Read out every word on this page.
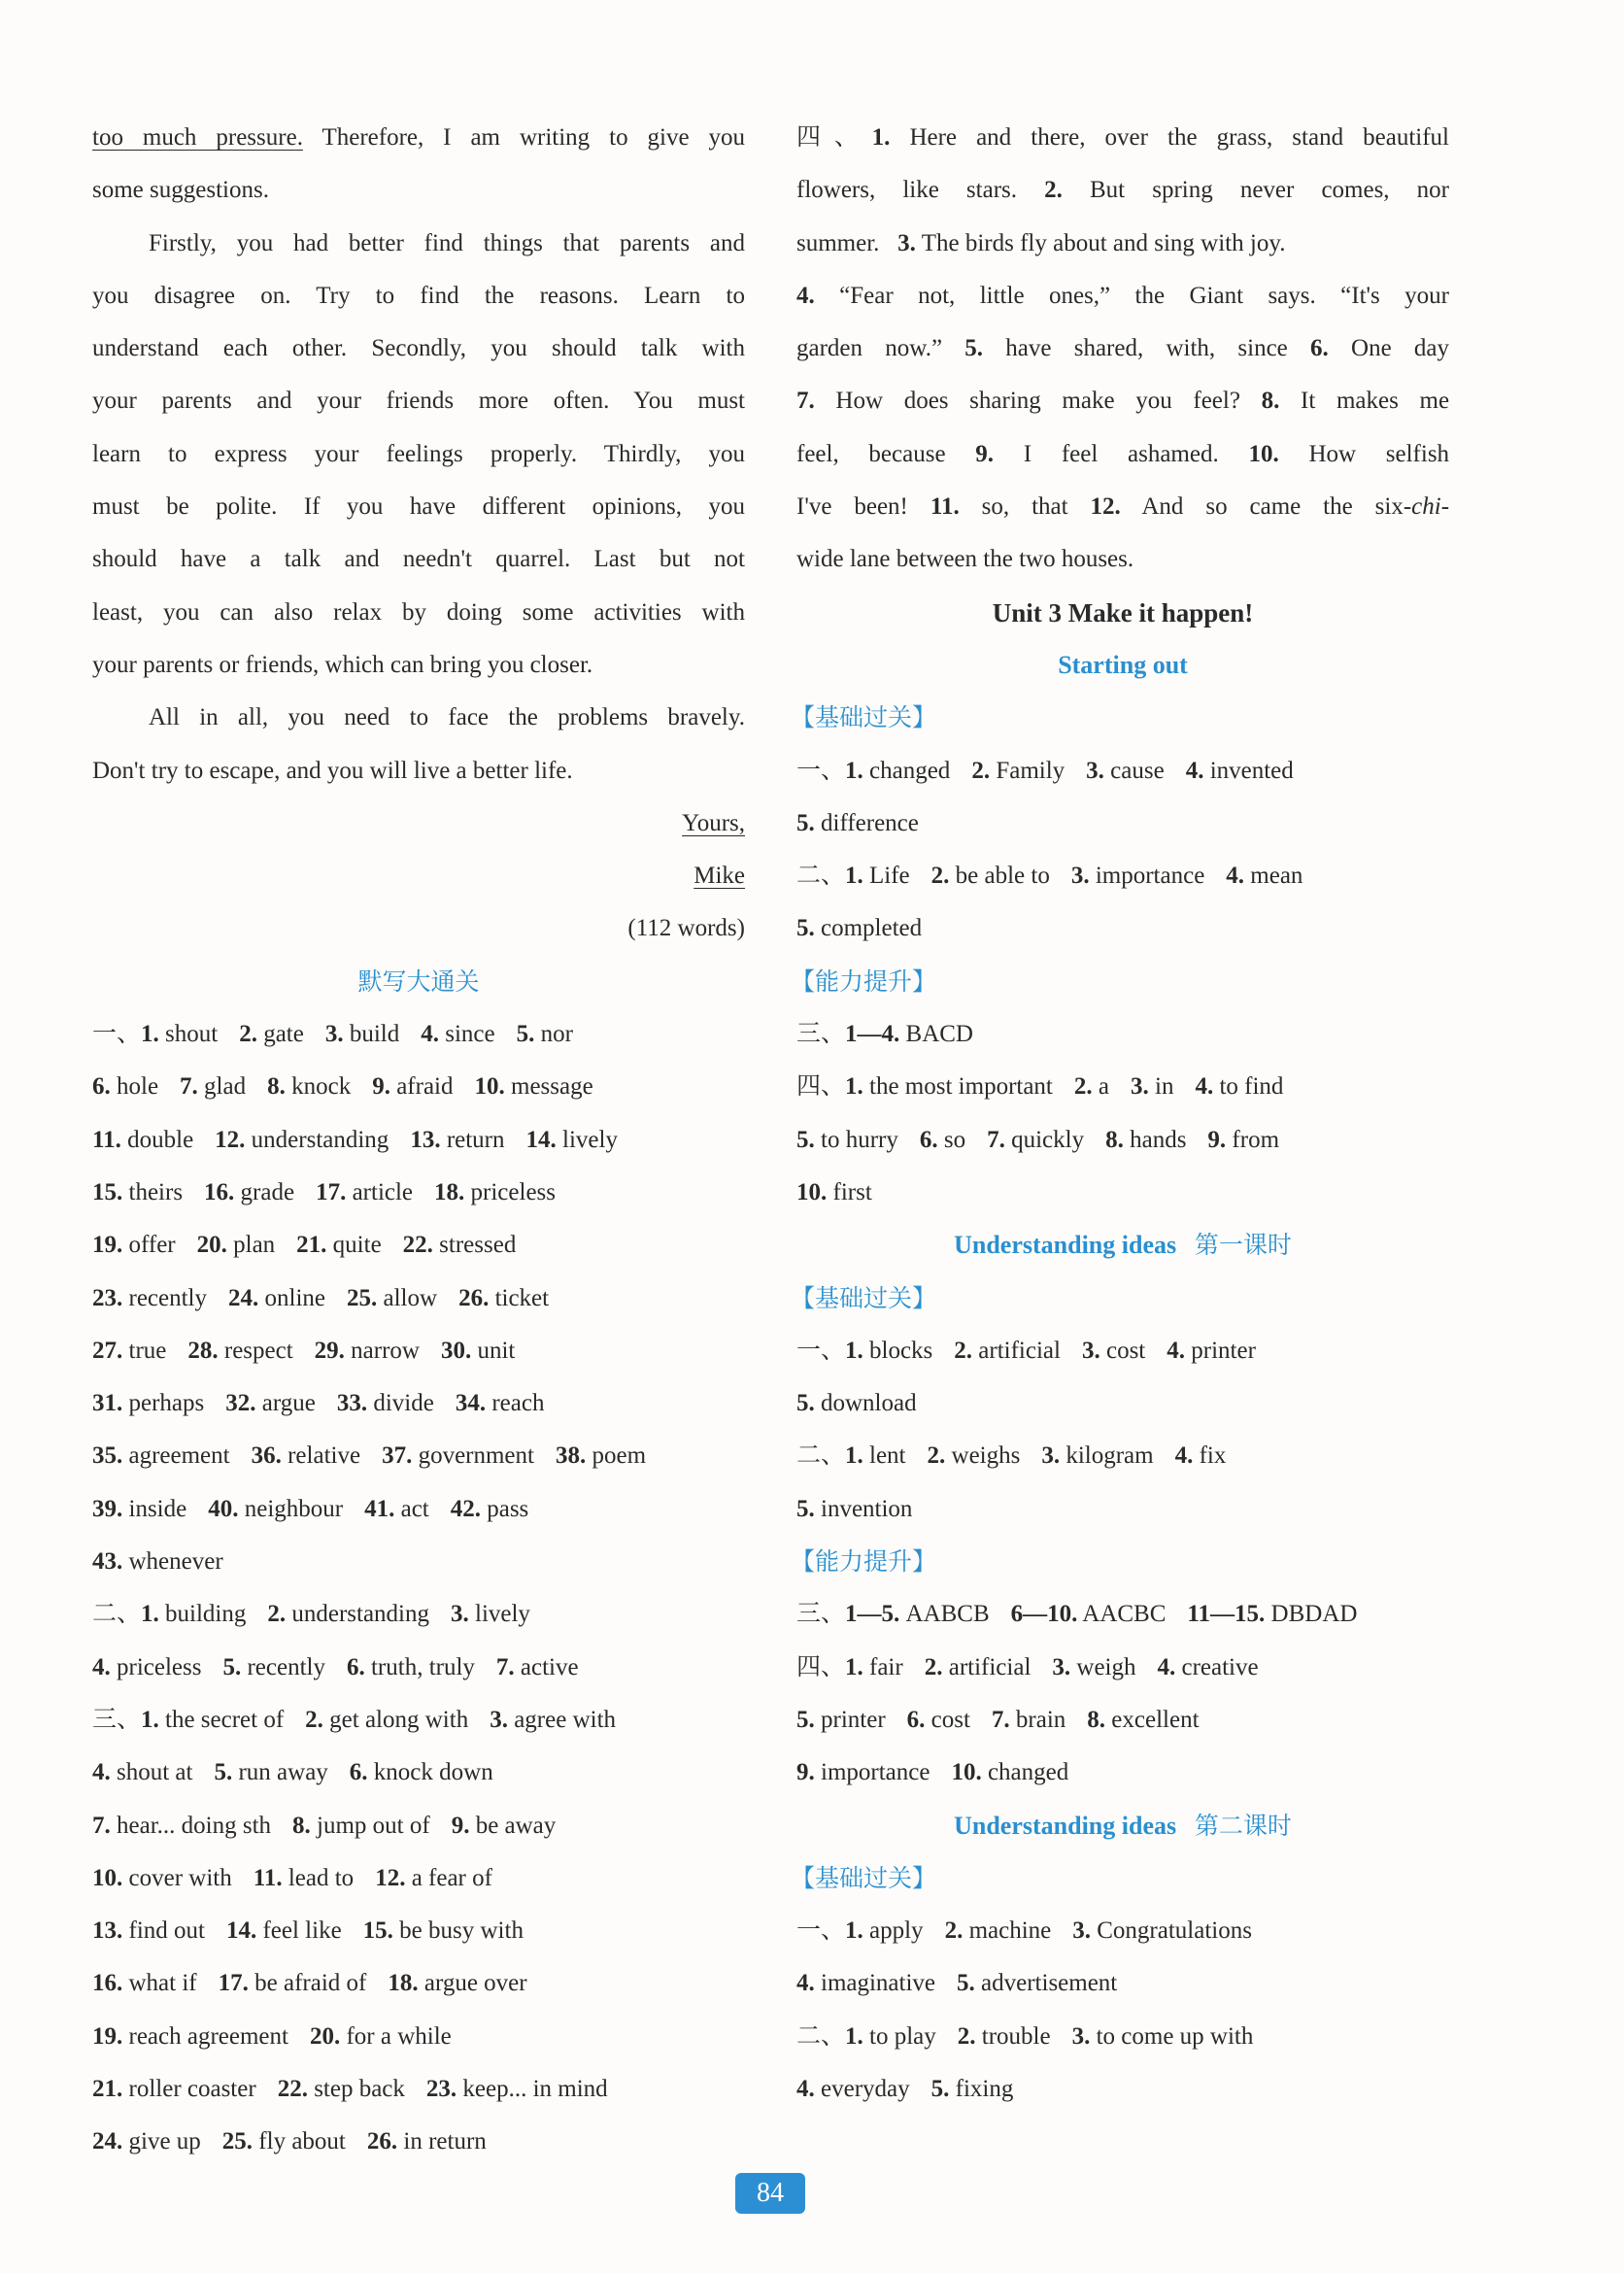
too much pressure. Therefore, I am writing to give you
some suggestions.
Firstly, you had better find things that parents and
you disagree on. Try to find the reasons. Learn to
understand each other. Secondly, you should talk with
your parents and your friends more often. You must
learn to express your feelings properly. Thirdly, you
must be polite. If you have different opinions, you
should have a talk and needn't quarrel. Last but not
least, you can also relax by doing some activities with
your parents or friends, which can bring you closer.
All in all, you need to face the problems bravely.
Don't try to escape, and you will live a better life.
Yours,
Mike
(112 words)
默写大通关
一、1. shout 2. gate 3. build 4. since 5. nor
6. hole 7. glad 8. knock 9. afraid 10. message
11. double 12. understanding 13. return 14. lively
15. theirs 16. grade 17. article 18. priceless
19. offer 20. plan 21. quite 22. stressed
23. recently 24. online 25. allow 26. ticket
27. true 28. respect 29. narrow 30. unit
31. perhaps 32. argue 33. divide 34. reach
35. agreement 36. relative 37. government 38. poem
39. inside 40. neighbour 41. act 42. pass
43. whenever
二、1. building 2. understanding 3. lively
4. priceless 5. recently 6. truth, truly 7. active
三、1. the secret of 2. get along with 3. agree with
4. shout at 5. run away 6. knock down
7. hear... doing sth 8. jump out of 9. be away
10. cover with 11. lead to 12. a fear of
13. find out 14. feel like 15. be busy with
16. what if 17. be afraid of 18. argue over
19. reach agreement 20. for a while
21. roller coaster 22. step back 23. keep... in mind
24. give up 25. fly about 26. in return
四、1. Here and there, over the grass, stand beautiful
flowers, like stars. 2. But spring never comes, nor
summer. 3. The birds fly about and sing with joy.
4. “Fear not, little ones,” the Giant says. “It's your
garden now.” 5. have shared, with, since 6. One day
7. How does sharing make you feel? 8. It makes me
feel, because 9. I feel ashamed. 10. How selfish
I've been! 11. so, that 12. And so came the six-chi-
wide lane between the two houses.
Unit 3 Make it happen!
Starting out
【基础过关】
一、1. changed 2. Family 3. cause 4. invented
5. difference
二、1. Life 2. be able to 3. importance 4. mean
5. completed
【能力提升】
三、1—4. BACD
四、1. the most important 2. a 3. in 4. to find
5. to hurry 6. so 7. quickly 8. hands 9. from
10. first
Understanding ideas 第一课时
【基础过关】
一、1. blocks 2. artificial 3. cost 4. printer
5. download
二、1. lent 2. weighs 3. kilogram 4. fix
5. invention
【能力提升】
三、1—5. AABCB 6—10. AACBC 11—15. DBDAD
四、1. fair 2. artificial 3. weigh 4. creative
5. printer 6. cost 7. brain 8. excellent
9. importance 10. changed
Understanding ideas 第二课时
【基础过关】
一、1. apply 2. machine 3. Congratulations
4. imaginative 5. advertisement
二、1. to play 2. trouble 3. to come up with
4. everyday 5. fixing
84
